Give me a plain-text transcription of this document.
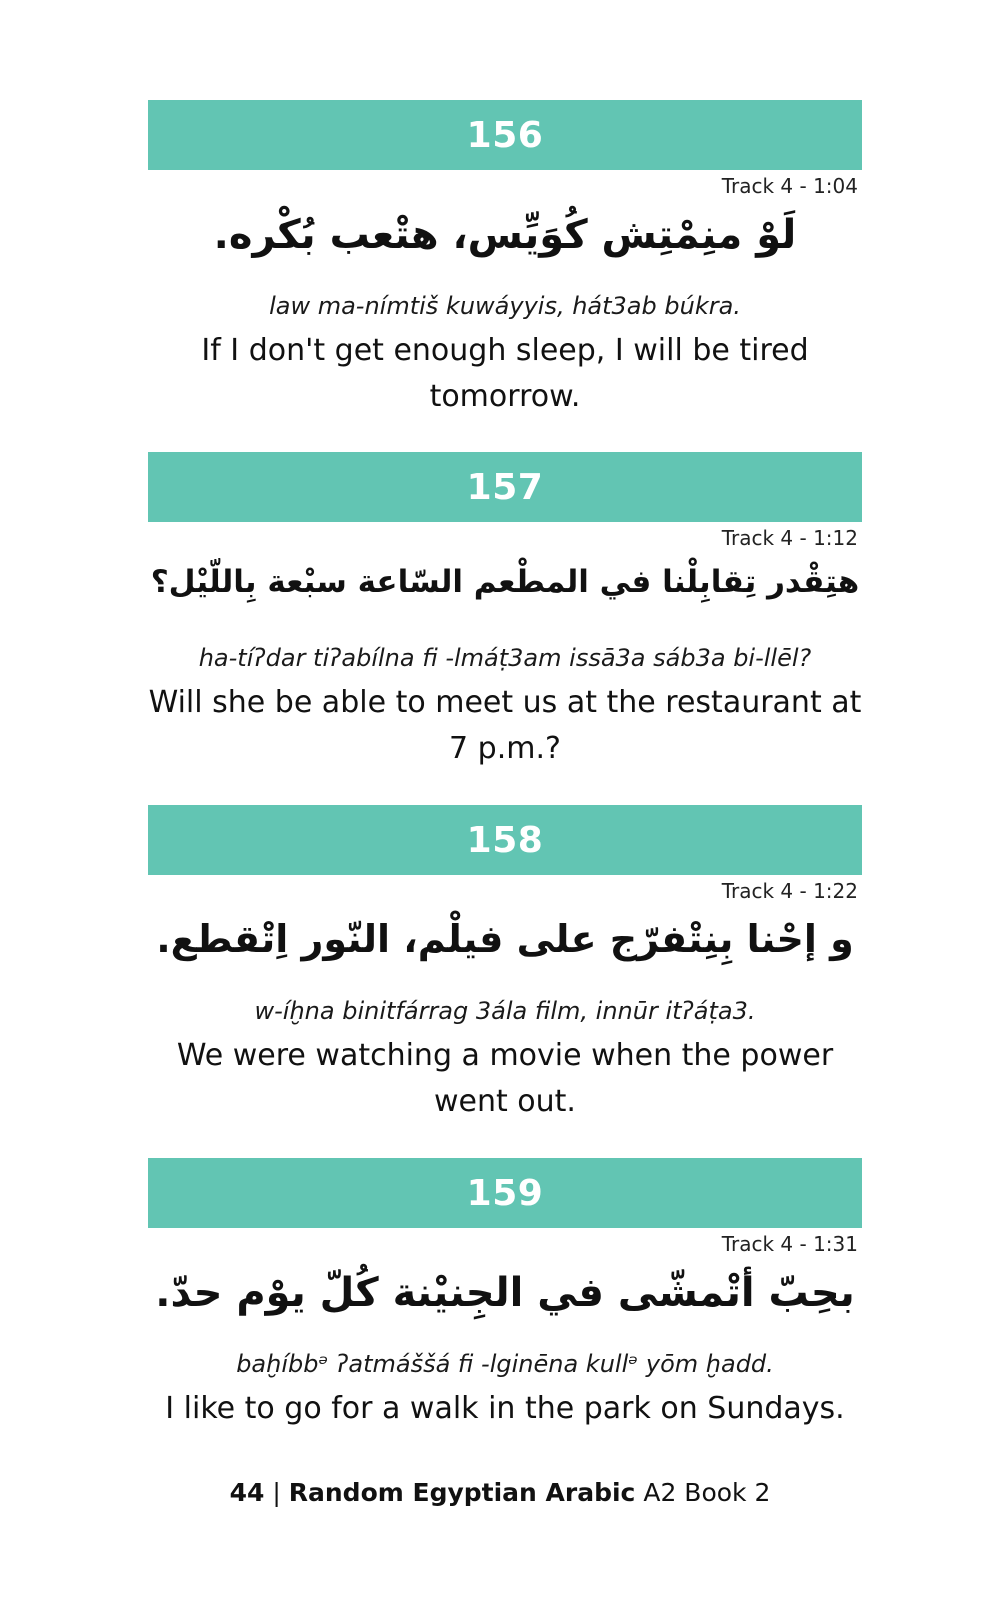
156
Track 4 - 1:04
لَوْ منِمْتِش كُوَيِّس، هتْعب بُكْره.
law ma-nímtiš kuwáyyis, hát3ab búkra.
If I don't get enough sleep, I will be tired tomorrow.
157
Track 4 - 1:12
هتِقْدر تِقابِلْنا في المطْعم السّاعة سبْعة بِاللّيْل؟
ha-tíʔdar tiʔabílna fi -lmáṭ3am issā3a sáb3a bi-llēl?
Will she be able to meet us at the restaurant at 7 p.m.?
158
Track 4 - 1:22
و إحْنا بِنِتْفرّج على فيلْم، النّور اِتْقطع.
w-íḫna binitfárrag 3ála film, innūr itʔáṭa3.
We were watching a movie when the power went out.
159
Track 4 - 1:31
بحِبّ أتْمشّى في الجِنيْنة كُلّ يوْم حدّ.
baḫíbbᵊ ʔatmáššá fi -lginēna kullᵊ yōm ḫadd.
I like to go for a walk in the park on Sundays.
44 | Random Egyptian Arabic A2 Book 2
